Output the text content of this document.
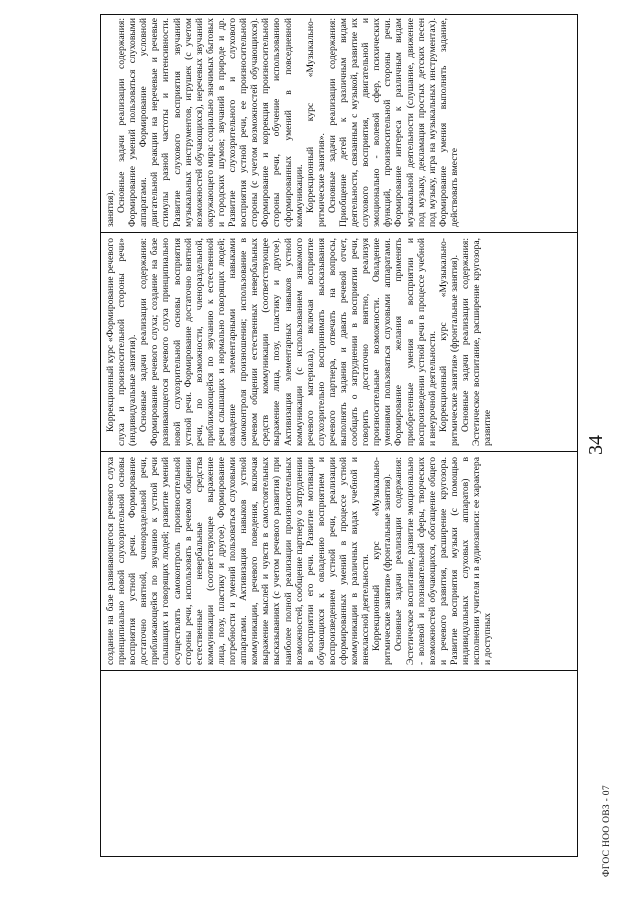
создание на базе развивающегося речевого слуха принципиально новой слухозрительной основы восприятия устной речи. Формирование достаточно внятной, членораздельной речи, приближающейся по звучанию к устной речи слышащих и говорящих людей; развитие умений осуществлять самоконтроль произносительной стороны речи, использовать в речевом общении естественные невербальные средства коммуникации (соответствующее выражение лица, позу, пластику и другое). Формирование потребности и умений пользоваться слуховыми аппаратами. Активизация навыков устной коммуникации, речевого поведения, включая выражение мыслей и чувств в самостоятельных высказываниях (с учетом речевого развития) при наиболее полной реализации произносительных возможностей, сообщение партнеру о затруднении в восприятии его речи. Развитие мотивации обучающихся к овладению восприятием и воспроизведением устной речи, реализации сформированных умений в процессе устной коммуникации в различных видах учебной и внеклассной деятельности. Коррекционный курс «Музыкально-ритмические занятия» (фронтальные занятия). Основные задачи реализации содержания: Эстетическое воспитание, развитие эмоционально - волевой и познавательной сферы, творческих возможностей обучающихся, обогащение общего и речевого развития, расширение кругозора. Развитие восприятия музыки (с помощью индивидуальных слуховых аппаратов) в исполнении учителя и в аудиозаписи: ее характера и доступных

Коррекционный курс «Формирование речевого слуха и произносительной стороны речи» (индивидуальные занятия). Основные задачи реализации содержания: Формирование речевого слуха; создание на базе развивающегося речевого слуха принципиально новой слухозрительной основы восприятия устной речи. Формирование достаточно внятной речи, по возможности, членораздельной, приближающейся по звучанию к естественной речи слышащих и нормально говорящих людей; овладение элементарными навыками самоконтроля произношения; использование в речевом общении естественных невербальных средств коммуникации (соответствующее выражение лица, позу, пластику и другое). Активизация элементарных навыков устной коммуникации (с использованием знакомого речевого материала), включая восприятие слухозрительно воспринимать высказывания речевого партнера, отвечать на вопросы, выполнять задания и давать речевой отчет, сообщать о затруднении в восприятии речи, говорить достаточно внятно, реализуя произносительные возможности. Овладение умениями пользоваться слуховыми аппаратами. Формирование желания применять приобретенные умения в восприятии и воспроизведении устной речи в процессе учебной и внеурочной деятельности. Коррекционный курс «Музыкально-ритмические занятия» (фронтальные занятия). Основные задачи реализации содержания: Эстетическое воспитание, расширение кругозора, развитие

занятия). Основные задачи реализации содержания: Формирование умений пользоваться слуховыми аппаратами. Формирование условной двигательной реакции на неречевые и речевые стимулы разной частоты и интенсивности. Развитие слухового восприятия звучаний музыкальных инструментов, игрушек (с учетом возможностей обучающихся), неречевых звучаний окружающего мира: социально значимых бытовых и городских шумов; звучаний в природе и др. Развитие слухозрительного и слухового восприятия устной речи, ее произносительной стороны (с учетом возможностей обучающихся). Формирование и коррекция произносительной стороны речи, обучение использованию сформированных умений в повседневной коммуникации. Коррекционный курс «Музыкально-ритмические занятия». Основные задачи реализации содержания: Приобщение детей к различным видам деятельности, связанным с музыкой, развитие их слухового восприятия, двигательной и эмоционально - волевой сфер, психических функций, произносительной стороны речи. Формирование интереса к различным видам музыкальной деятельности (слушание, движение под музыку, декламация простых детских песен под музыку, игра на музыкальных инструментах). Формирование умения выполнять задание, действовать вместе

34
ФГОС НОО ОВЗ - 07
